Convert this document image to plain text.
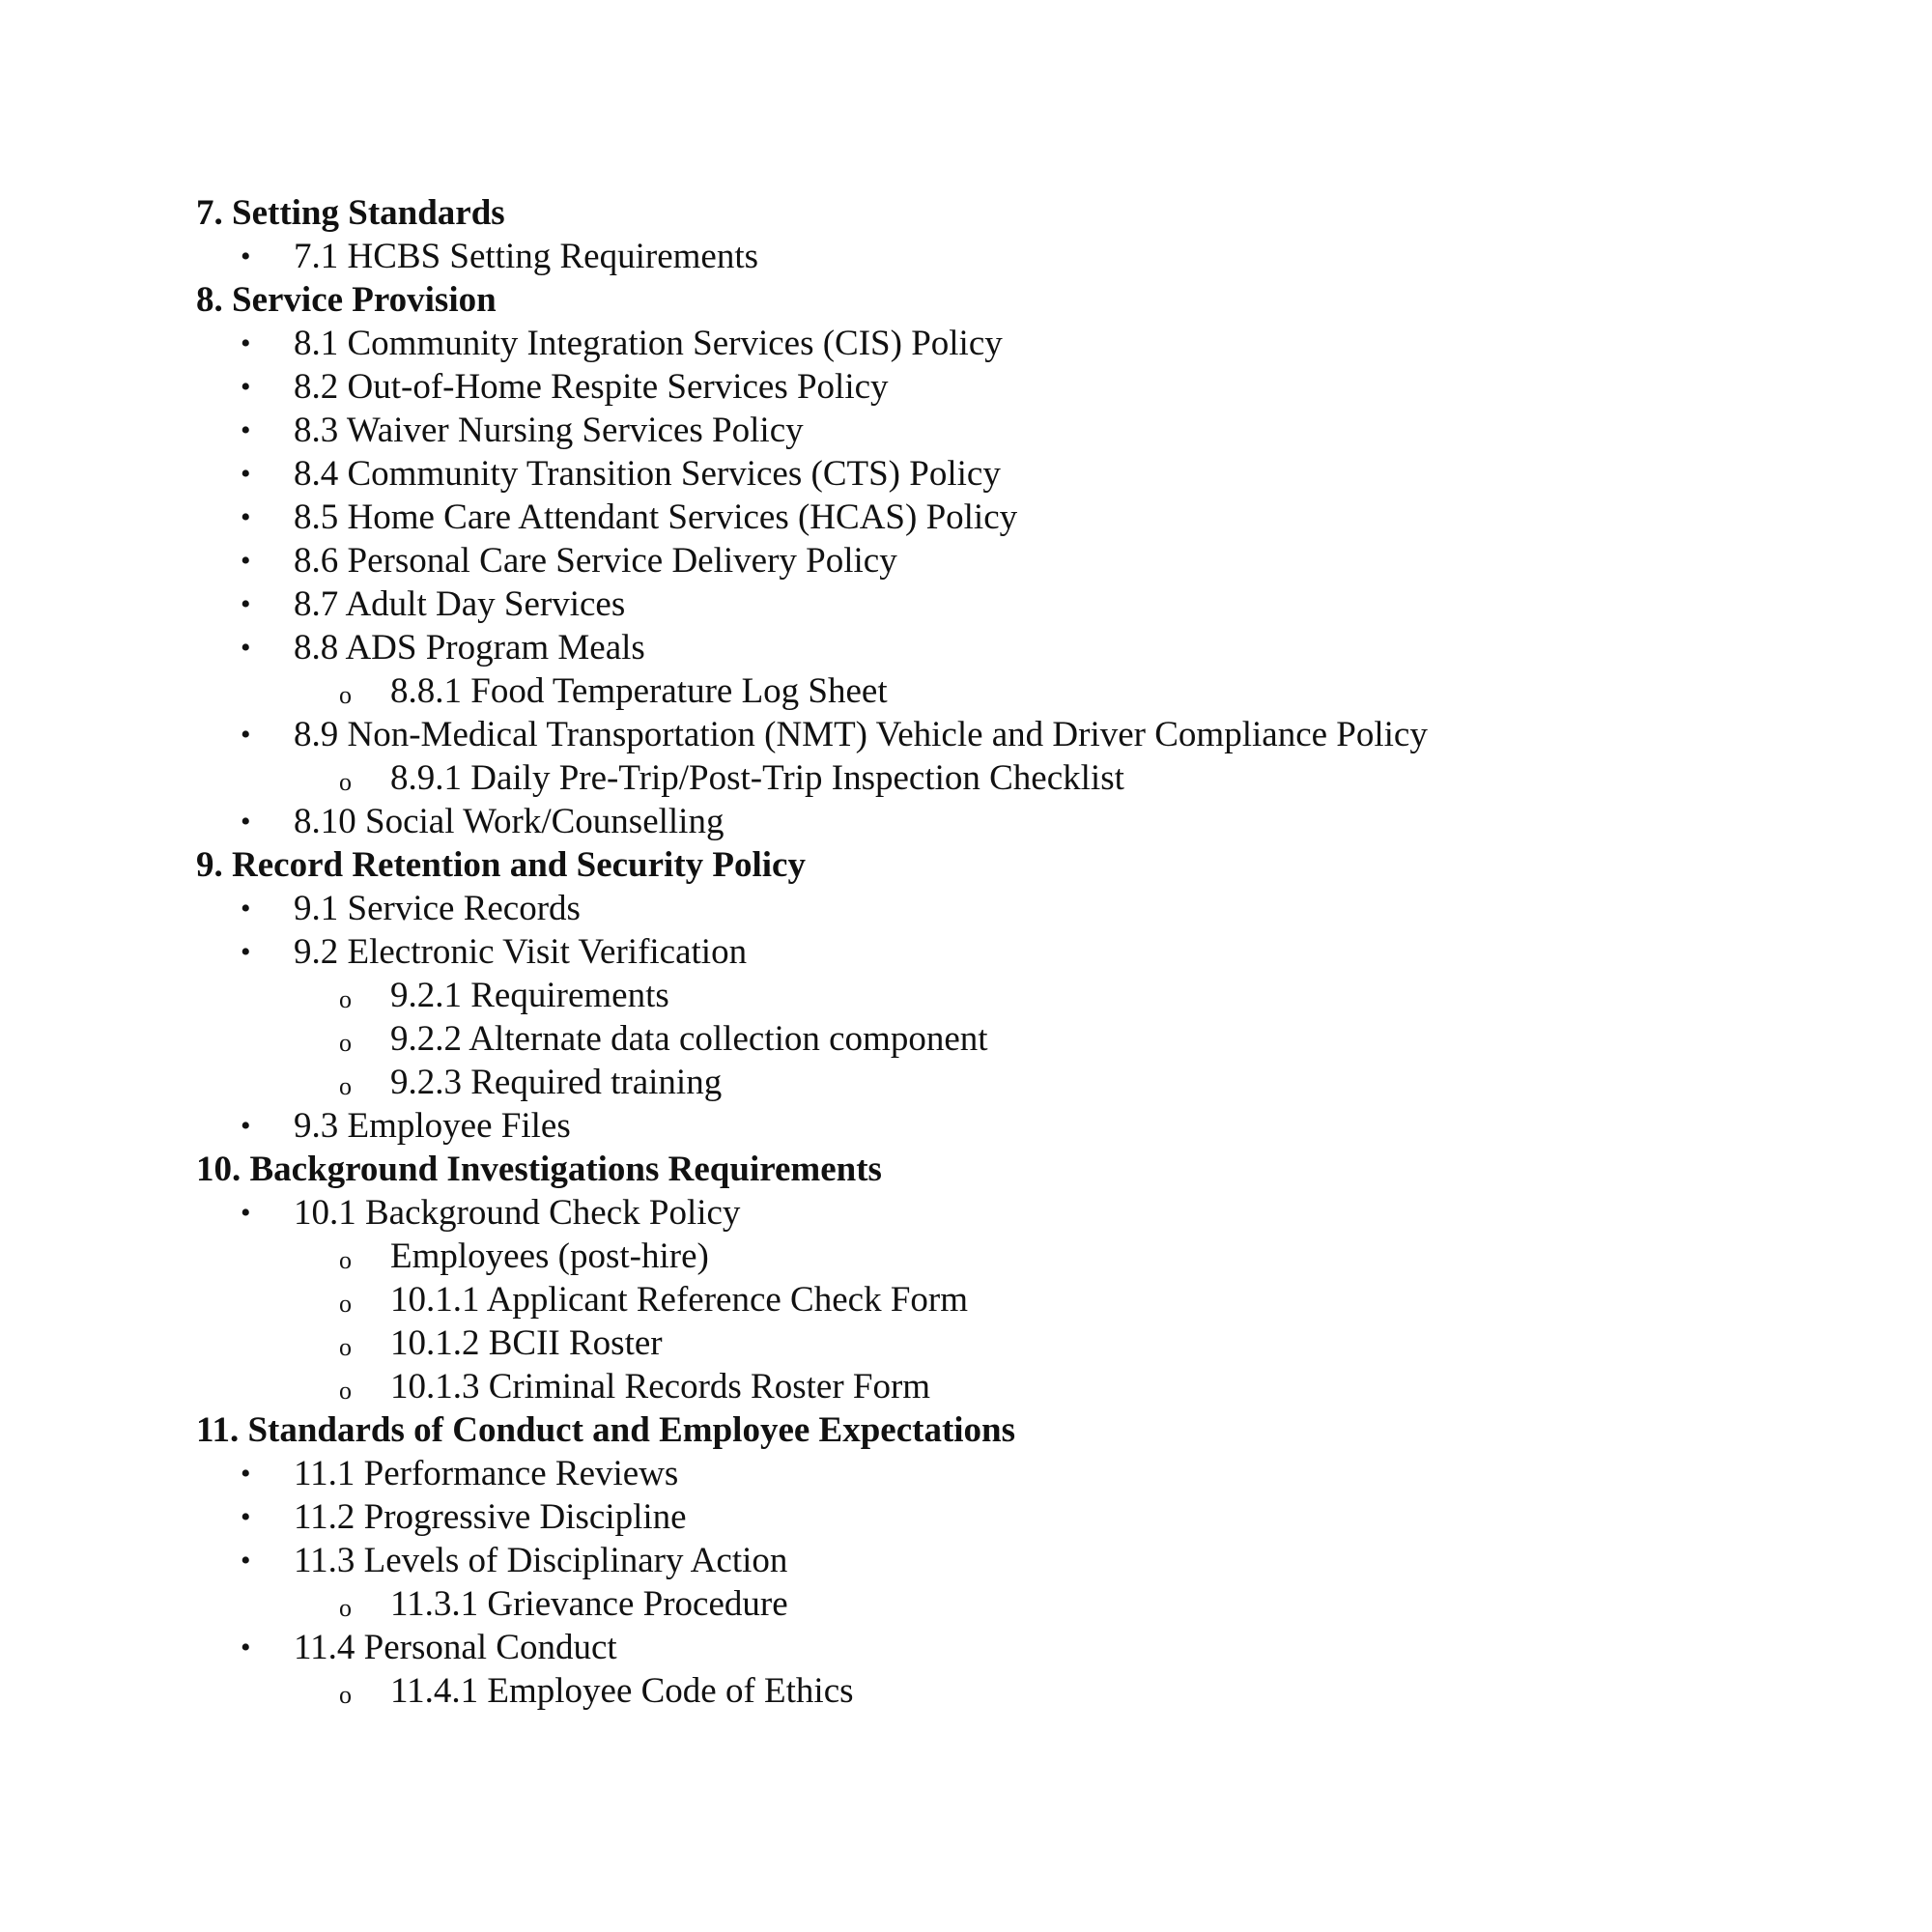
7. Setting Standards
• 7.1 HCBS Setting Requirements
8. Service Provision
• 8.1 Community Integration Services (CIS) Policy
• 8.2 Out-of-Home Respite Services Policy
• 8.3 Waiver Nursing Services Policy
• 8.4 Community Transition Services (CTS) Policy
• 8.5 Home Care Attendant Services (HCAS) Policy
• 8.6 Personal Care Service Delivery Policy
• 8.7 Adult Day Services
• 8.8 ADS Program Meals
o 8.8.1 Food Temperature Log Sheet
• 8.9 Non-Medical Transportation (NMT) Vehicle and Driver Compliance Policy
o 8.9.1 Daily Pre-Trip/Post-Trip Inspection Checklist
• 8.10 Social Work/Counselling
9. Record Retention and Security Policy
• 9.1 Service Records
• 9.2 Electronic Visit Verification
o 9.2.1 Requirements
o 9.2.2 Alternate data collection component
o 9.2.3 Required training
• 9.3 Employee Files
10. Background Investigations Requirements
• 10.1 Background Check Policy
o Employees (post-hire)
o 10.1.1 Applicant Reference Check Form
o 10.1.2 BCII Roster
o 10.1.3 Criminal Records Roster Form
11. Standards of Conduct and Employee Expectations
• 11.1 Performance Reviews
• 11.2 Progressive Discipline
• 11.3 Levels of Disciplinary Action
o 11.3.1 Grievance Procedure
• 11.4 Personal Conduct
o 11.4.1 Employee Code of Ethics
